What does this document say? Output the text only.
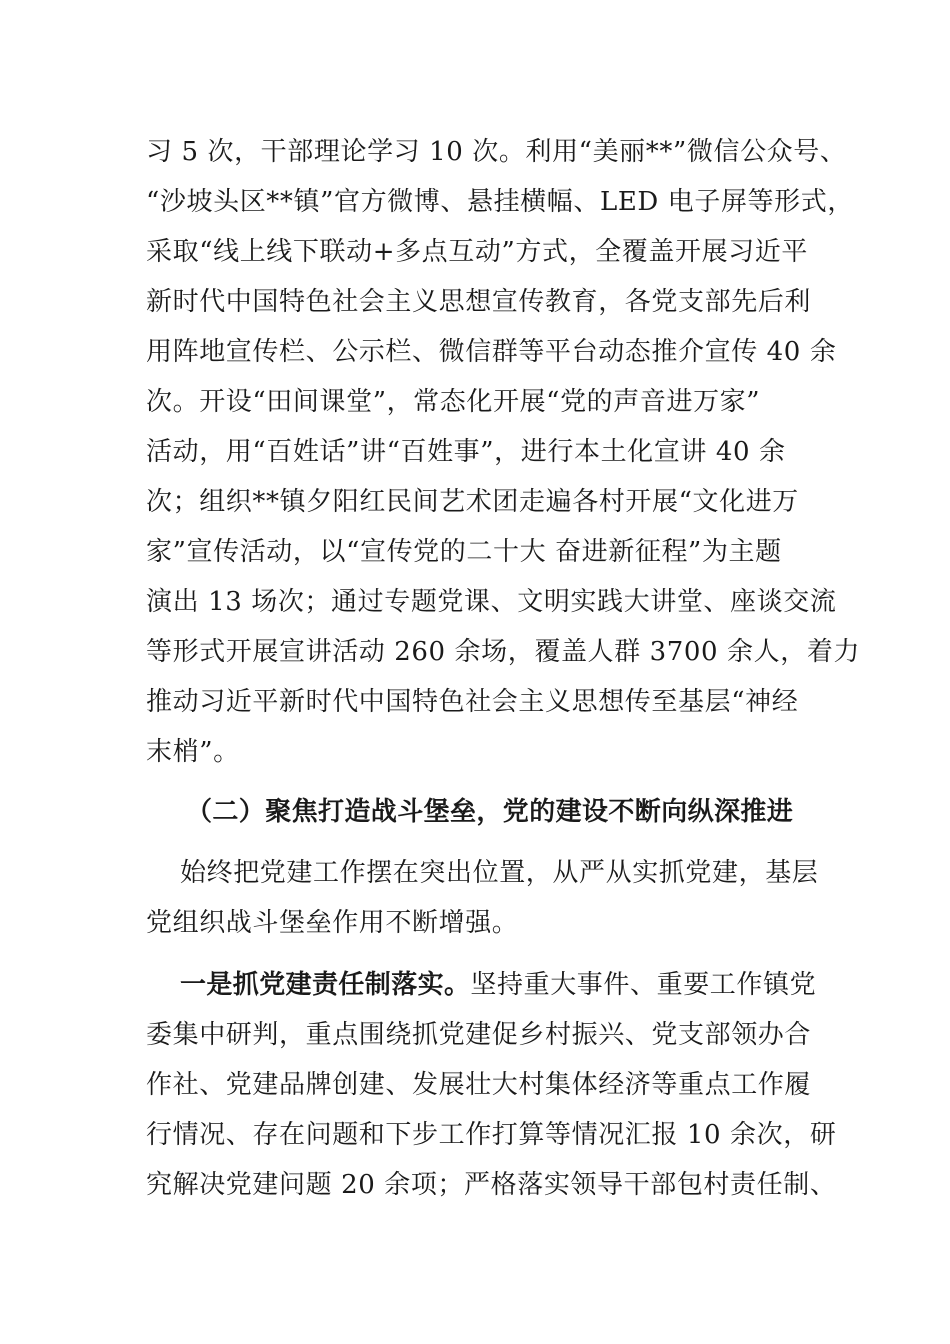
习 5 次，干部理论学习 10 次。利用“美丽**”微信公众号、
“沙坡头区**镇”官方微博、悬挂横幅、LED 电子屏等形式，
采取“线上线下联动+多点互动”方式，全覆盖开展习近平
新时代中国特色社会主义思想宣传教育，各党支部先后利
用阵地宣传栏、公示栏、微信群等平台动态推介宣传 40 余
次。开设“田间课堂”，常态化开展“党的声音进万家”
活动，用“百姓话”讲“百姓事”，进行本土化宣讲 40 余
次；组织**镇夕阳红民间艺术团走遍各村开展“文化进万
家”宣传活动，以“宣传党的二十大 奋进新征程”为主题
演出 13 场次；通过专题党课、文明实践大讲堂、座谈交流
等形式开展宣讲活动 260 余场，覆盖人群 3700 余人，着力
推动习近平新时代中国特色社会主义思想传至基层“神经
末梢”。
（二）聚焦打造战斗堡垒，党的建设不断向纵深推进
始终把党建工作摆在突出位置，从严从实抓党建，基层
党组织战斗堡垒作用不断增强。
一是抓党建责任制落实。坚持重大事件、重要工作镇党
委集中研判，重点围绕抓党建促乡村振兴、党支部领办合
作社、党建品牌创建、发展壮大村集体经济等重点工作履
行情况、存在问题和下步工作打算等情况汇报 10 余次，研
究解决党建问题 20 余项；严格落实领导干部包村责任制、
